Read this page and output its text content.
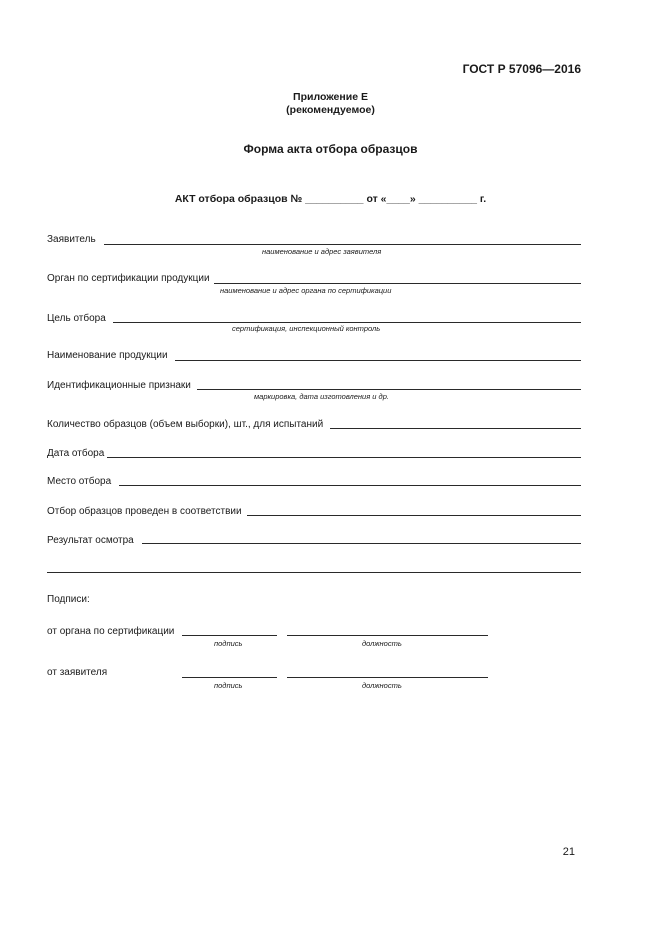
ГОСТ Р 57096—2016
Приложение Е
(рекомендуемое)
Форма акта отбора образцов
АКТ отбора образцов № __________ от «____» __________ г.
Заявитель
наименование и адрес заявителя
Орган по сертификации продукции
наименование и адрес органа по сертификации
Цель отбора
сертификация, инспекционный контроль
Наименование продукции
Идентификационные признаки
маркировка, дата изготовления и др.
Количество образцов (объем выборки), шт., для испытаний
Дата отбора
Место отбора
Отбор образцов проведен в соответствии
Результат осмотра
Подписи:
от органа по сертификации
подпись	должность
от заявителя
подпись	должность
21
